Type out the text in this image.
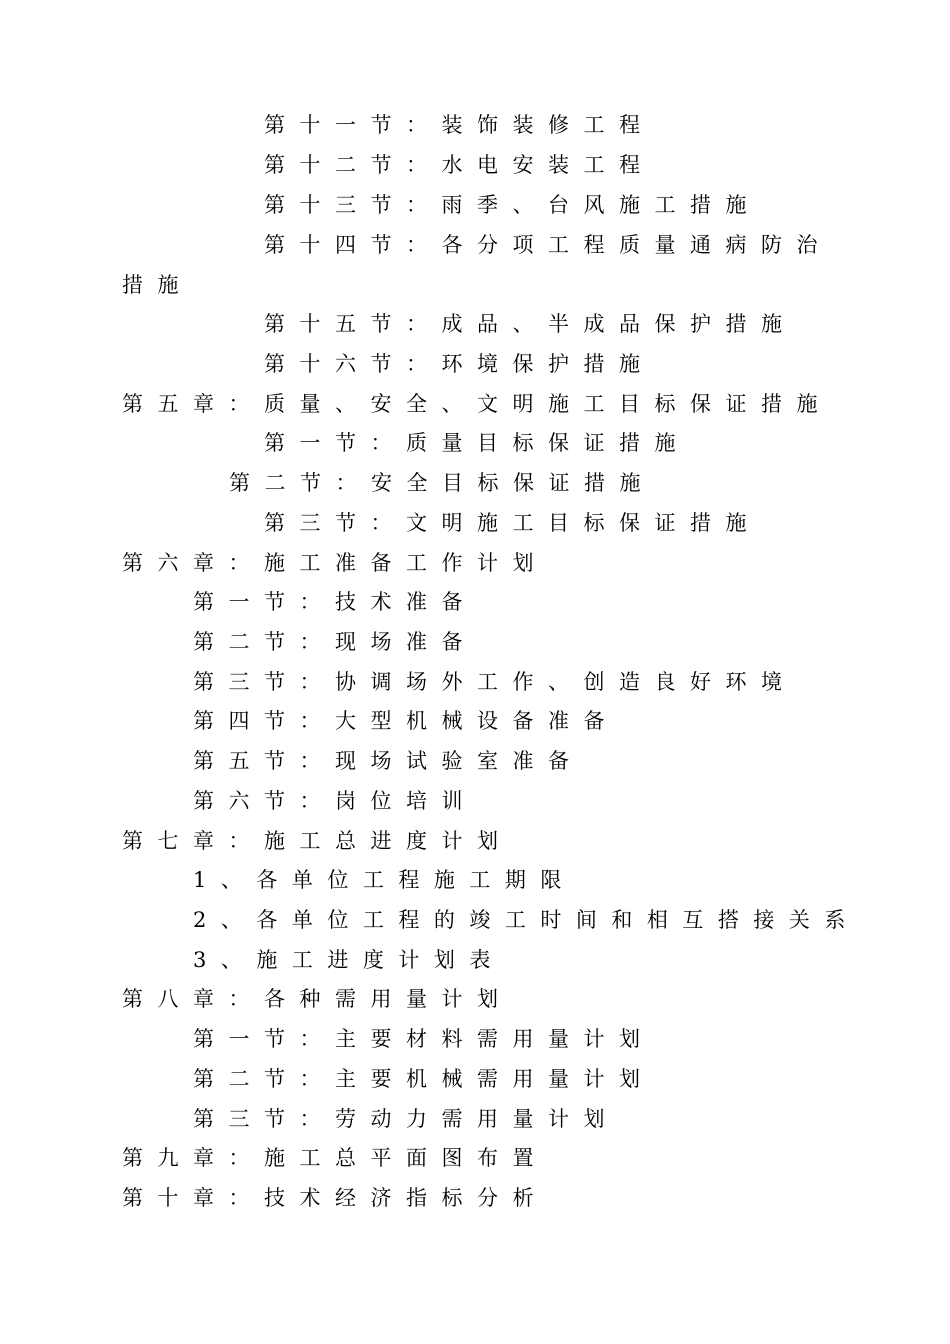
第十一节：装饰装修工程
第十二节：水电安装工程
第十三节：雨季、台风施工措施
第十四节：各分项工程质量通病防治
措施
第十五节：成品、半成品保护措施
第十六节：环境保护措施
第五章：质量、安全、文明施工目标保证措施
第一节：质量目标保证措施
第二节：安全目标保证措施
第三节：文明施工目标保证措施
第六章：施工准备工作计划
第一节：技术准备
第二节：现场准备
第三节：协调场外工作、创造良好环境
第四节：大型机械设备准备
第五节：现场试验室准备
第六节：岗位培训
第七章：施工总进度计划
1、各单位工程施工期限
2、各单位工程的竣工时间和相互搭接关系
3、施工进度计划表
第八章：各种需用量计划
第一节：主要材料需用量计划
第二节：主要机械需用量计划
第三节：劳动力需用量计划
第九章：施工总平面图布置
第十章：技术经济指标分析
